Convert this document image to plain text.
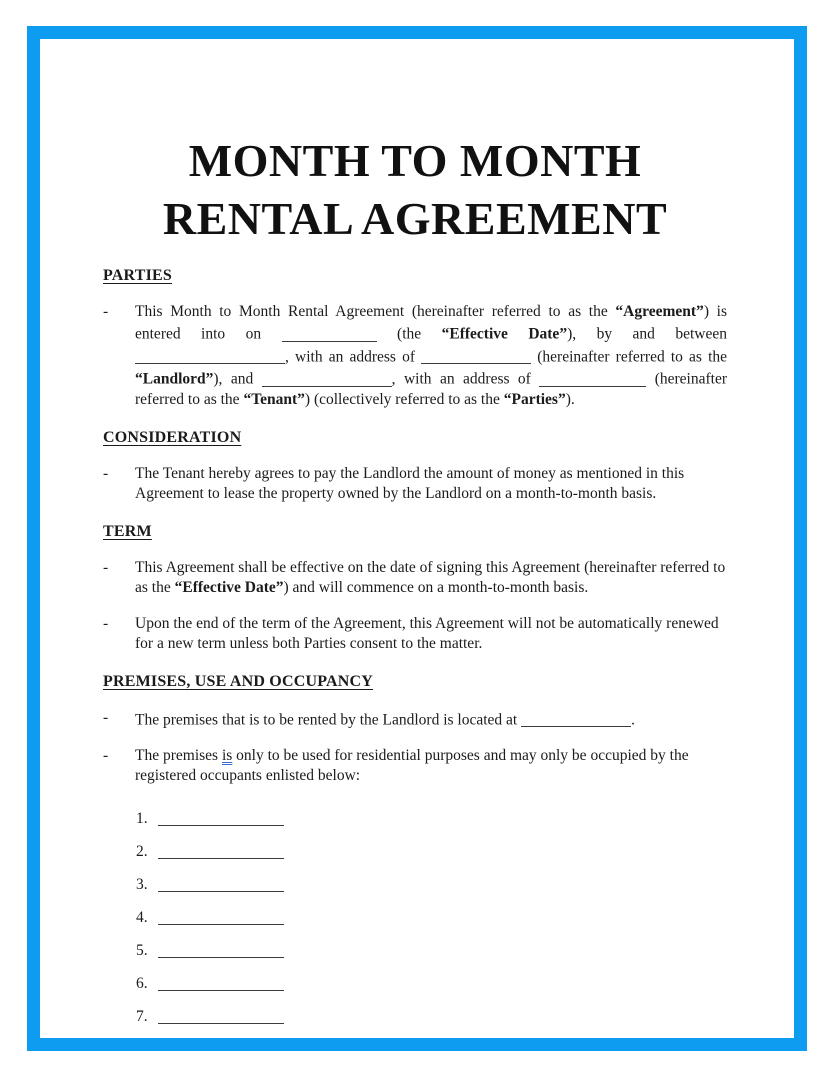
MONTH TO MONTH
RENTAL AGREEMENT
PARTIES
-	This Month to Month Rental Agreement (hereinafter referred to as the “Agreement”) is entered into on	(the “Effective Date”), by and between , with an address of	(hereinafter referred to as the “Landlord”), and	, with an address of	(hereinafter referred to as the “Tenant”) (collectively referred to as the “Parties”).
CONSIDERATION
-	The Tenant hereby agrees to pay the Landlord the amount of money as mentioned in this Agreement to lease the property owned by the Landlord on a month-to-month basis.
TERM
-	This Agreement shall be effective on the date of signing this Agreement (hereinafter referred to as the “Effective Date”) and will commence on a month-to-month basis.
-	Upon the end of the term of the Agreement, this Agreement will not be automatically renewed for a new term unless both Parties consent to the matter.
PREMISES, USE AND OCCUPANCY
-	The premises that is to be rented by the Landlord is located at	.
-	The premises is only to be used for residential purposes and may only be occupied by the registered occupants enlisted below:
1.
2.
3.
4.
5.
6.
7.
